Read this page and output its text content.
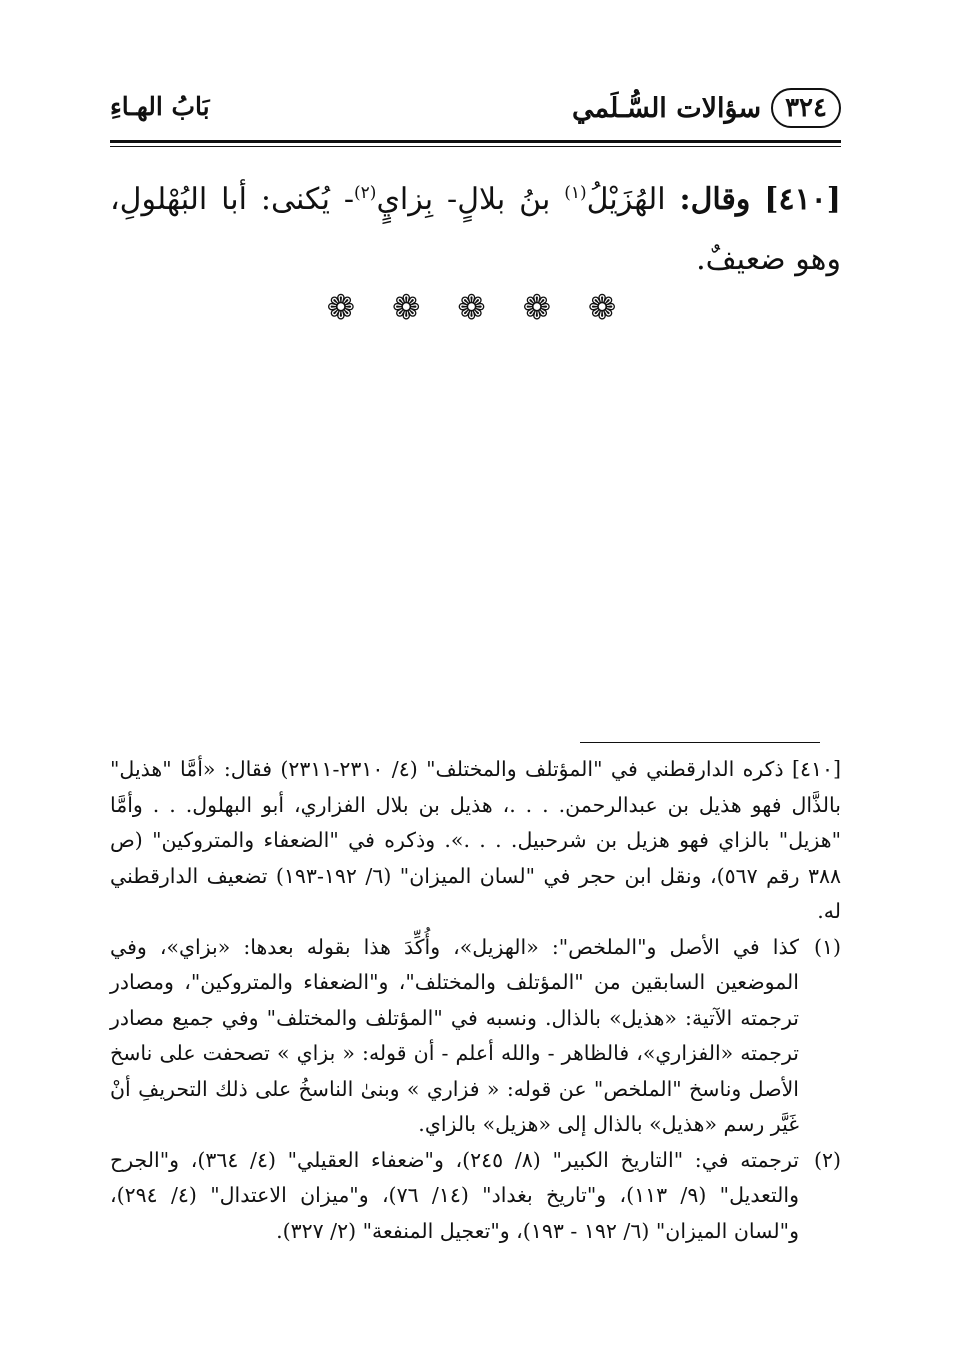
٣٢٤
سؤالات السُّـلَمي
بَابُ الهـاءِ
[٤١٠] وقال: الهُزَيْلُ$^{(١)}$ بنُ بلالٍ- بِزايٍ$^{(٢)}$- يُكنى: أبا البُهْلولِ، وهو ضعيفٌ.
❁ ❁ ❁ ❁ ❁

[٤١٠] ذكره الدارقطني في "المؤتلف والمختلف" (٤/ ٢٣١٠-٢٣١١) فقال: «أمَّا "هذيل" بالذَّال فهو هذيل بن عبدالرحمن. . . .، هذيل بن بلال الفزاري، أبو البهلول. . . وأمَّا "هزيل" بالزاي فهو هزيل بن شرحبيل. . . .». وذكره في "الضعفاء والمتروكين" (ص ٣٨٨ رقم ٥٦٧)، ونقل ابن حجر في "لسان الميزان" (٦/ ١٩٢-١٩٣) تضعيف الدارقطني له.

(١)
كذا في الأصل و"الملخص": «الهزيل»، وأُكِّدَ هذا بقوله بعدها: «بزاي»، وفي الموضعين السابقين من "المؤتلف والمختلف"، و"الضعفاء والمتروكين"، ومصادر ترجمته الآتية: «هذيل» بالذال. ونسبه في "المؤتلف والمختلف" وفي جميع مصادر ترجمته «الفزاري»، فالظاهر - والله أعلم - أن قوله: « بزاي » تصحفت على ناسخ الأصل وناسخ "الملخص" عن قوله: « فزاري » وبنىٰ الناسخُ على ذلك التحريفِ أنْ غَيَّر رسم «هذيل» بالذال إلى «هزيل» بالزاي.

(٢)
ترجمته في: "التاريخ الكبير" (٨/ ٢٤٥)، و"ضعفاء العقيلي" (٤/ ٣٦٤)، و"الجرح والتعديل" (٩/ ١١٣)، و"تاريخ بغداد" (١٤/ ٧٦)، و"ميزان الاعتدال" (٤/ ٢٩٤)، و"لسان الميزان" (٦/ ١٩٢ - ١٩٣)، و"تعجيل المنفعة" (٢/ ٣٢٧).
